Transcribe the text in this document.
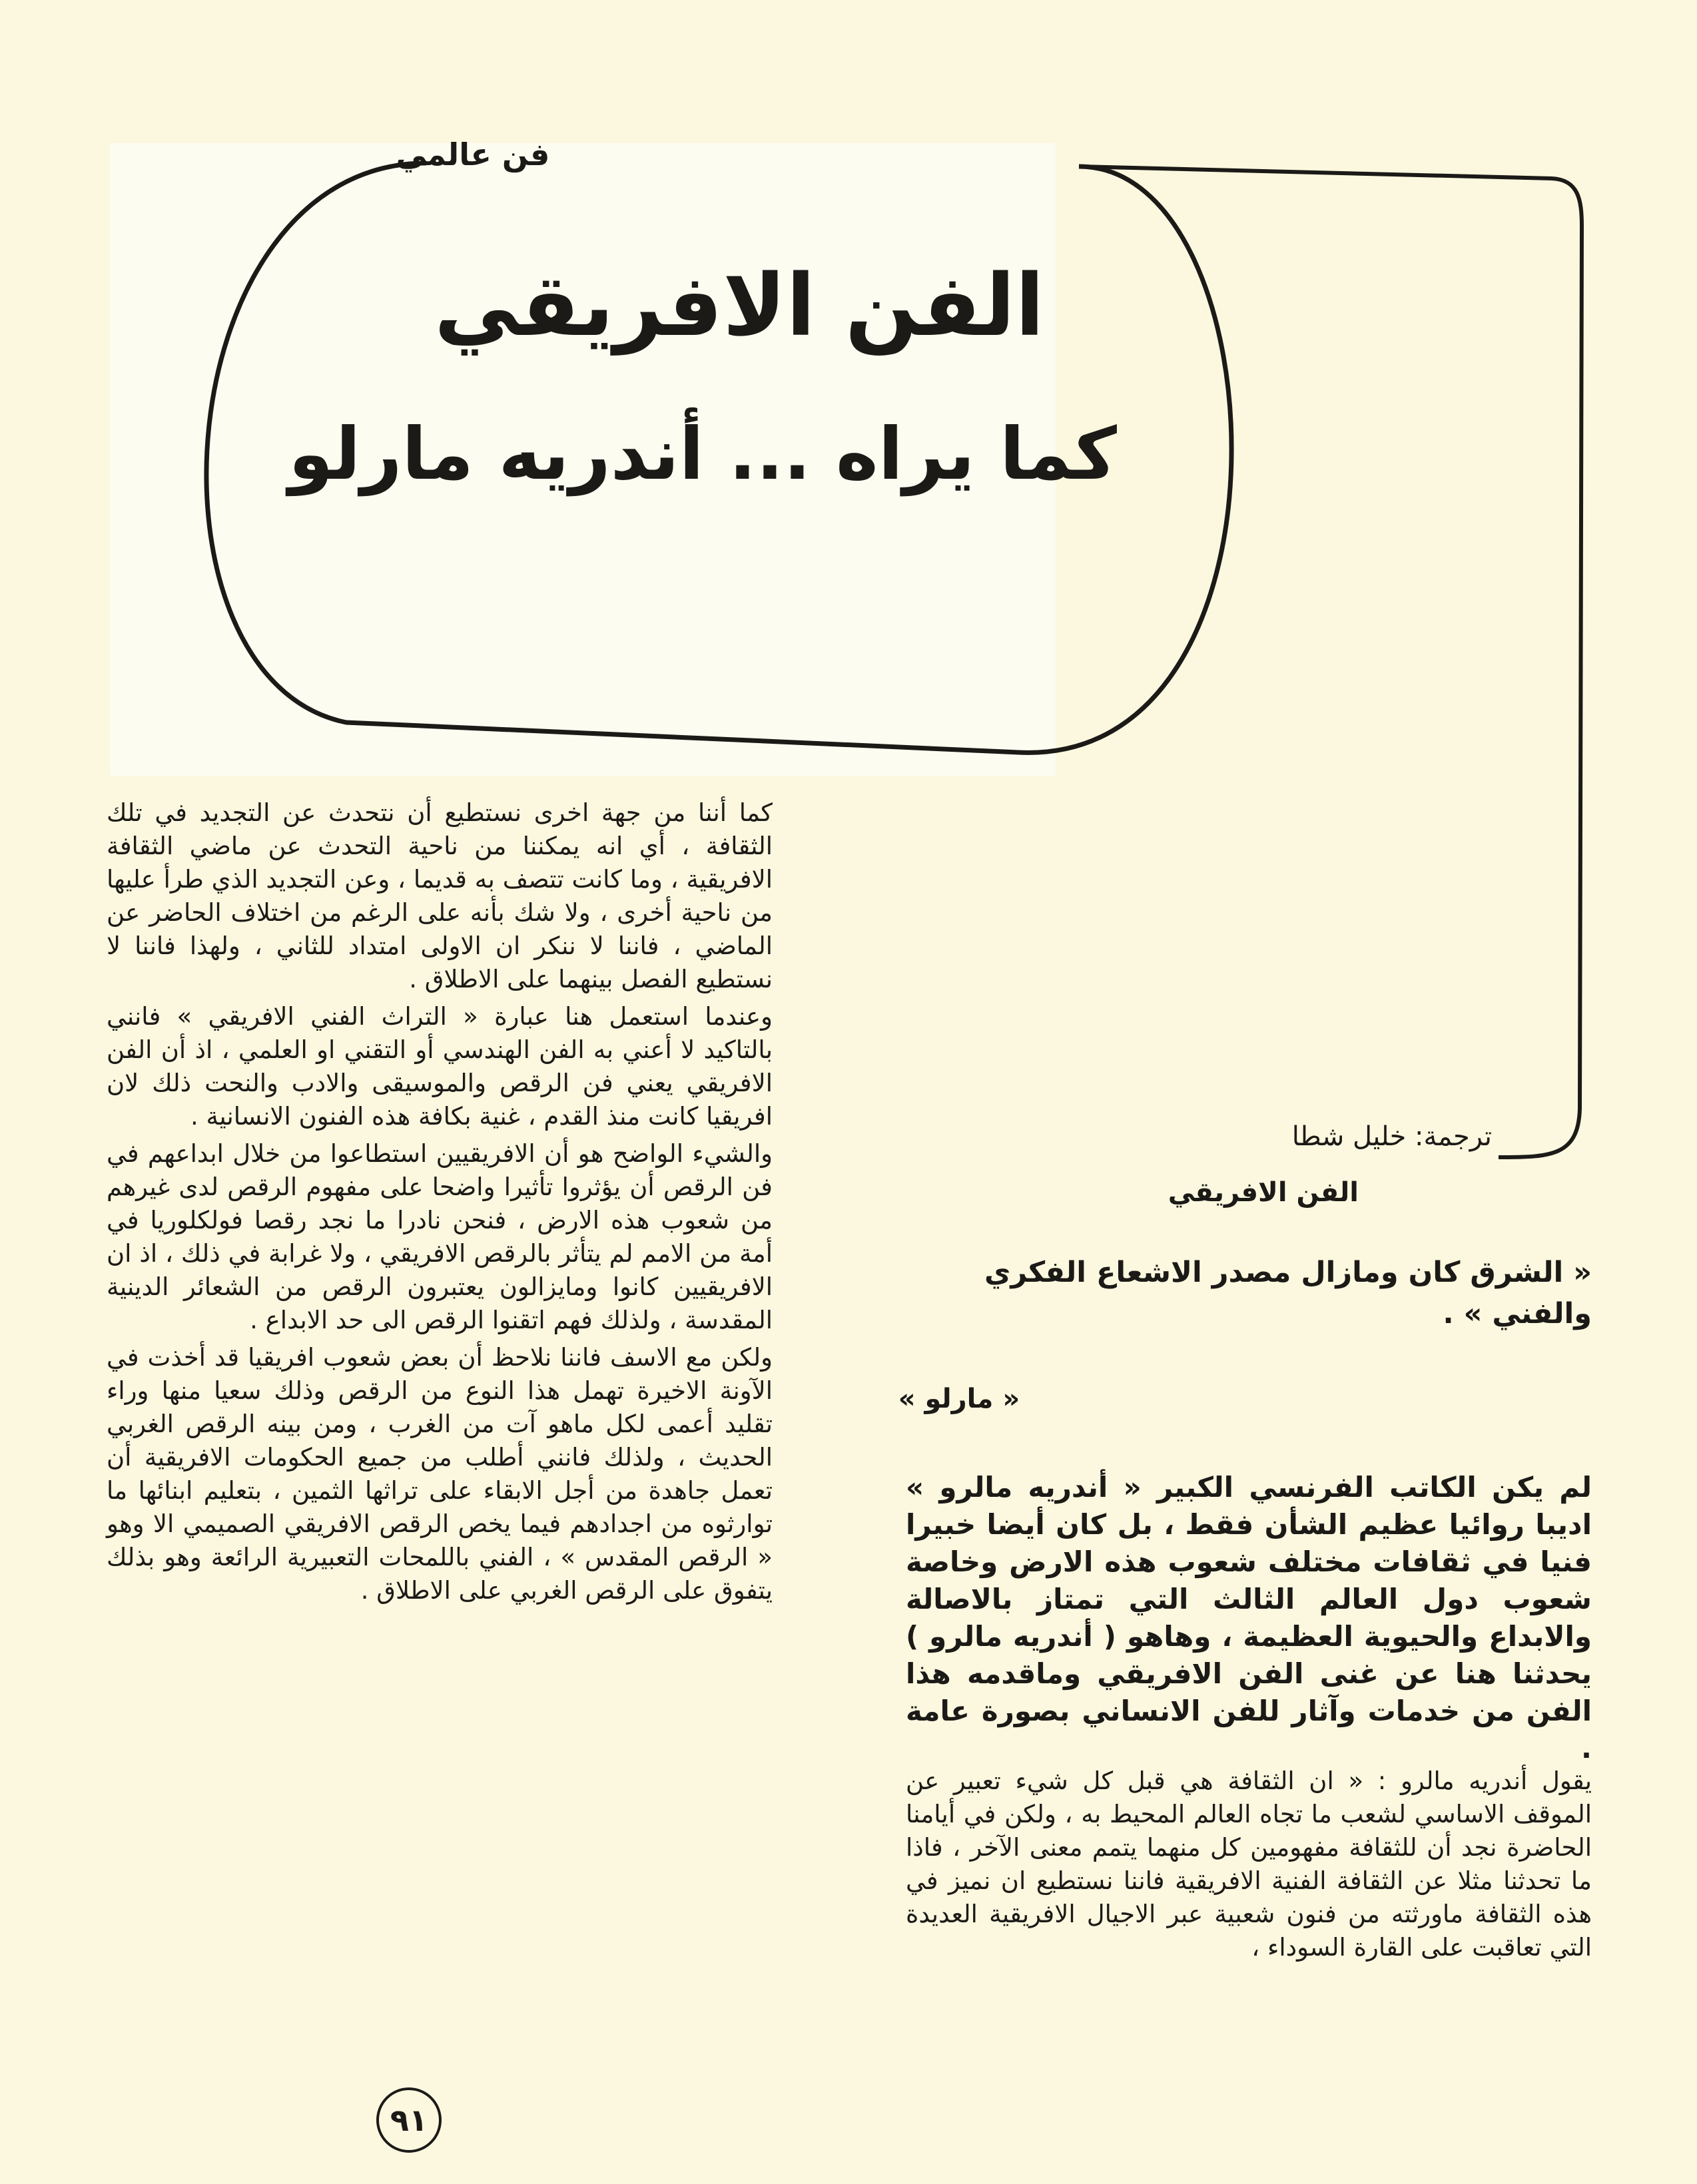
فن عالمي
الفن الافريقي
كما يراه ... أندريه مارلو
ترجمة: خليل شطا

كما أننا من جهة اخرى نستطيع أن نتحدث عن التجديد في تلك الثقافة ، أي انه يمكننا من ناحية التحدث عن ماضي الثقافة الافريقية ، وما كانت تتصف به قديما ، وعن التجديد الذي طرأ عليها من ناحية أخرى ، ولا شك بأنه على الرغم من اختلاف الحاضر عن الماضي ، فاننا لا ننكر ان الاولى امتداد للثاني ، ولهذا فاننا لا نستطيع الفصل بينهما على الاطلاق .

وعندما استعمل هنا عبارة « التراث الفني الافريقي » فانني بالتاكيد لا أعني به الفن الهندسي أو التقني او العلمي ، اذ أن الفن الافريقي يعني فن الرقص والموسيقى والادب والنحت ذلك لان افريقيا كانت منذ القدم ، غنية بكافة هذه الفنون الانسانية .

والشيء الواضح هو أن الافريقيين استطاعوا من خلال ابداعهم في فن الرقص أن يؤثروا تأثيرا واضحا على مفهوم الرقص لدى غيرهم من شعوب هذه الارض ، فنحن نادرا ما نجد رقصا فولكلوريا في أمة من الامم لم يتأثر بالرقص الافريقي ، ولا غرابة في ذلك ، اذ ان الافريقيين كانوا ومايزالون يعتبرون الرقص من الشعائر الدينية المقدسة ، ولذلك فهم اتقنوا الرقص الى حد الابداع .

ولكن مع الاسف فاننا نلاحظ أن بعض شعوب افريقيا قد أخذت في الآونة الاخيرة تهمل هذا النوع من الرقص وذلك سعيا منها وراء تقليد أعمى لكل ماهو آت من الغرب ، ومن بينه الرقص الغربي الحديث ، ولذلك فانني أطلب من جميع الحكومات الافريقية أن تعمل جاهدة من أجل الابقاء على تراثها الثمين ، بتعليم ابنائها ما توارثوه من اجدادهم فيما يخص الرقص الافريقي الصميمي الا وهو « الرقص المقدس » ، الفني باللمحات التعبيرية الرائعة وهو بذلك يتفوق على الرقص الغربي على الاطلاق .

الفن الافريقي
« الشرق كان ومازال مصدر الاشعاع الفكري والفني » .
« مارلو »
لم يكن الكاتب الفرنسي الكبير « أندريه مالرو » اديبا روائيا عظيم الشأن فقط ، بل كان أيضا خبيرا فنيا في ثقافات مختلف شعوب هذه الارض وخاصة شعوب دول العالم الثالث التي تمتاز بالاصالة والابداع والحيوية العظيمة ، وهاهو ( أندريه مالرو ) يحدثنا هنا عن غنى الفن الافريقي وماقدمه هذا الفن من خدمات وآثار للفن الانساني بصورة عامة .
يقول أندريه مالرو : « ان الثقافة هي قبل كل شيء تعبير عن الموقف الاساسي لشعب ما تجاه العالم المحيط به ، ولكن في أيامنا الحاضرة نجد أن للثقافة مفهومين كل منهما يتمم معنى الآخر ، فاذا ما تحدثنا مثلا عن الثقافة الفنية الافريقية فاننا نستطيع ان نميز في هذه الثقافة ماورثته من فنون شعبية عبر الاجيال الافريقية العديدة التي تعاقبت على القارة السوداء ،
٩١
